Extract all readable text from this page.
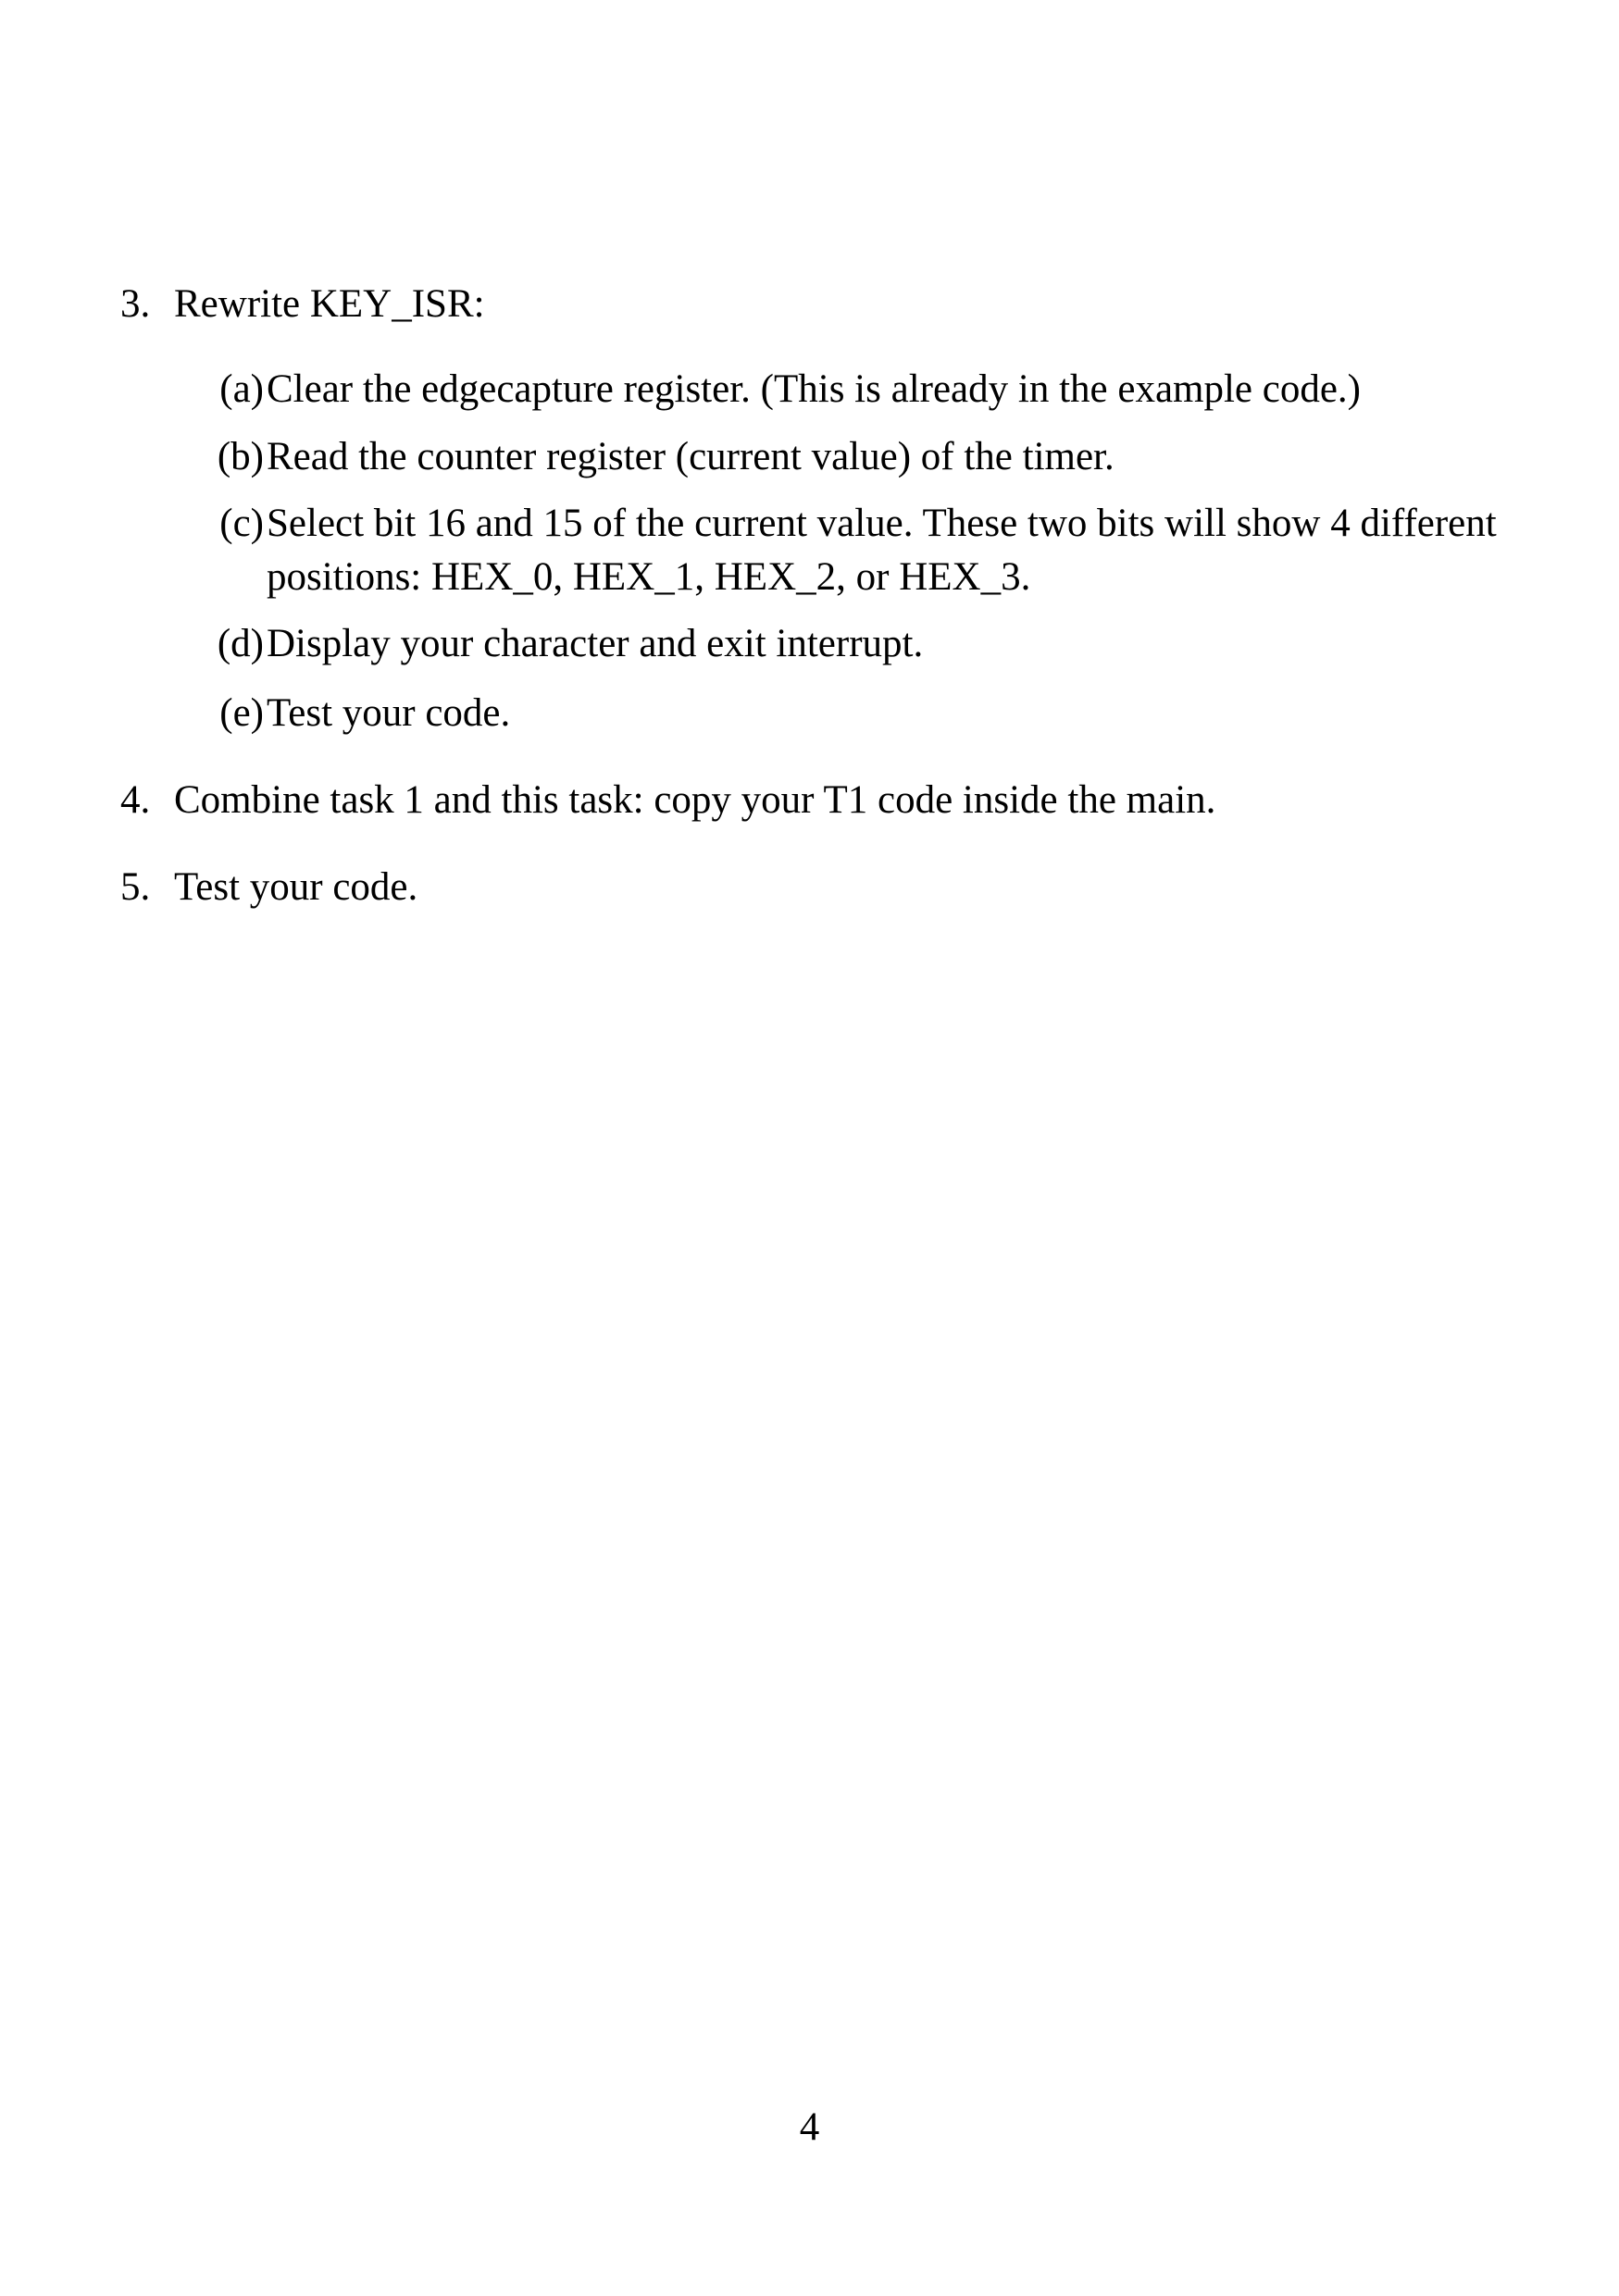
3. Rewrite KEY_ISR:
(a) Clear the edgecapture register. (This is already in the example code.)
(b) Read the counter register (current value) of the timer.
(c) Select bit 16 and 15 of the current value. These two bits will show 4 different
positions: HEX_0, HEX_1, HEX_2, or HEX_3.
(d) Display your character and exit interrupt.
(e) Test your code.
4. Combine task 1 and this task: copy your T1 code inside the main.
5. Test your code.
4
